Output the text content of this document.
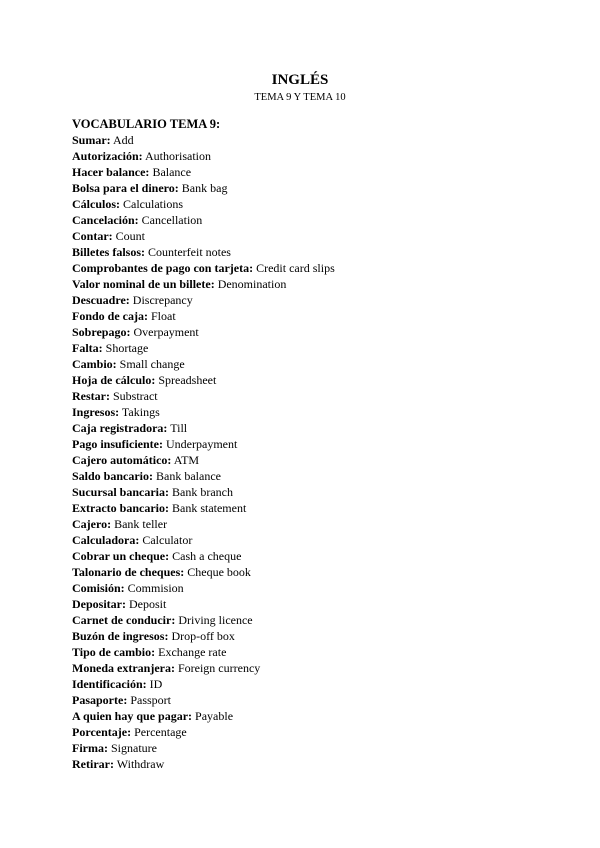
INGLÉS
TEMA 9 Y TEMA 10
VOCABULARIO TEMA 9:
Sumar: Add
Autorización: Authorisation
Hacer balance: Balance
Bolsa para el dinero: Bank bag
Cálculos: Calculations
Cancelación: Cancellation
Contar: Count
Billetes falsos: Counterfeit notes
Comprobantes de pago con tarjeta: Credit card slips
Valor nominal de un billete: Denomination
Descuadre: Discrepancy
Fondo de caja: Float
Sobrepago: Overpayment
Falta: Shortage
Cambio: Small change
Hoja de cálculo: Spreadsheet
Restar: Substract
Ingresos: Takings
Caja registradora: Till
Pago insuficiente: Underpayment
Cajero automático: ATM
Saldo bancario: Bank balance
Sucursal bancaria: Bank branch
Extracto bancario: Bank statement
Cajero: Bank teller
Calculadora: Calculator
Cobrar un cheque: Cash a cheque
Talonario de cheques: Cheque book
Comisión: Commision
Depositar: Deposit
Carnet de conducir: Driving licence
Buzón de ingresos: Drop-off box
Tipo de cambio: Exchange rate
Moneda extranjera: Foreign currency
Identificación: ID
Pasaporte: Passport
A quien hay que pagar: Payable
Porcentaje: Percentage
Firma: Signature
Retirar: Withdraw
